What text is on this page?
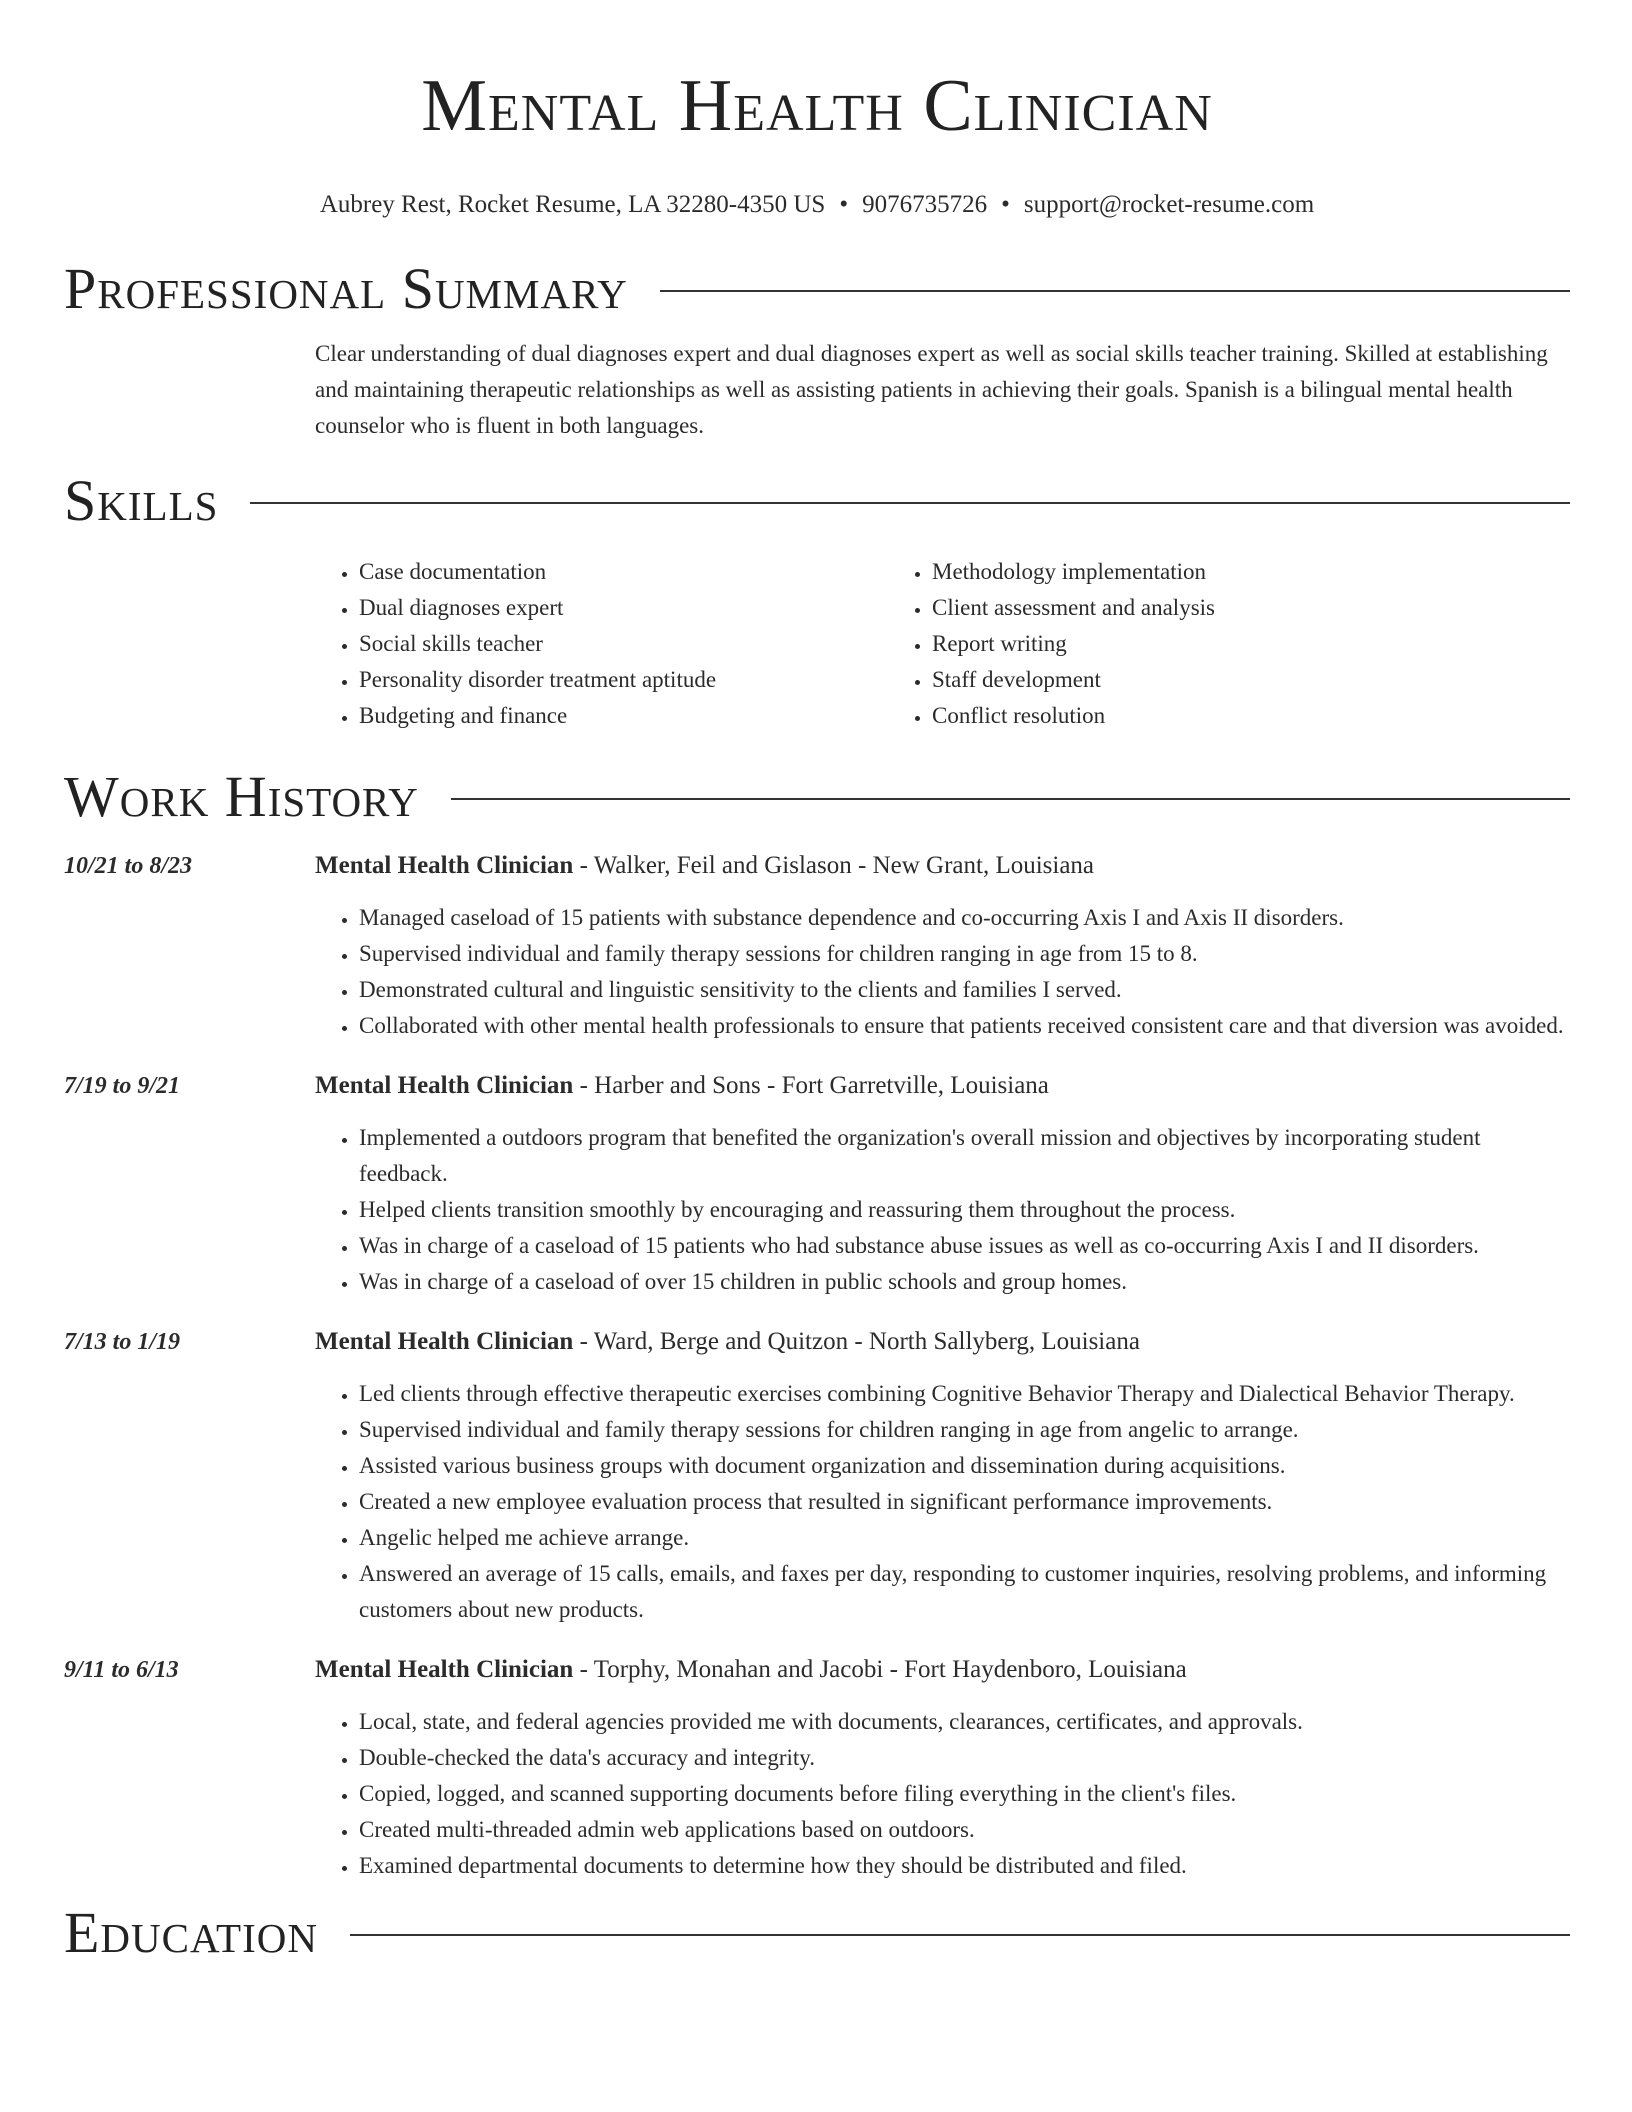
Mental Health Clinician
Aubrey Rest, Rocket Resume, LA 32280-4350 US • 9076735726 • support@rocket-resume.com
Professional Summary
Clear understanding of dual diagnoses expert and dual diagnoses expert as well as social skills teacher training. Skilled at establishing and maintaining therapeutic relationships as well as assisting patients in achieving their goals. Spanish is a bilingual mental health counselor who is fluent in both languages.
Skills
• Case documentation
• Dual diagnoses expert
• Social skills teacher
• Personality disorder treatment aptitude
• Budgeting and finance
• Methodology implementation
• Client assessment and analysis
• Report writing
• Staff development
• Conflict resolution
Work History
10/21 to 8/23	Mental Health Clinician - Walker, Feil and Gislason - New Grant, Louisiana
• Managed caseload of 15 patients with substance dependence and co-occurring Axis I and Axis II disorders.
• Supervised individual and family therapy sessions for children ranging in age from 15 to 8.
• Demonstrated cultural and linguistic sensitivity to the clients and families I served.
• Collaborated with other mental health professionals to ensure that patients received consistent care and that diversion was avoided.
7/19 to 9/21	Mental Health Clinician - Harber and Sons - Fort Garretville, Louisiana
• Implemented a outdoors program that benefited the organization's overall mission and objectives by incorporating student feedback.
• Helped clients transition smoothly by encouraging and reassuring them throughout the process.
• Was in charge of a caseload of 15 patients who had substance abuse issues as well as co-occurring Axis I and II disorders.
• Was in charge of a caseload of over 15 children in public schools and group homes.
7/13 to 1/19	Mental Health Clinician - Ward, Berge and Quitzon - North Sallyberg, Louisiana
• Led clients through effective therapeutic exercises combining Cognitive Behavior Therapy and Dialectical Behavior Therapy.
• Supervised individual and family therapy sessions for children ranging in age from angelic to arrange.
• Assisted various business groups with document organization and dissemination during acquisitions.
• Created a new employee evaluation process that resulted in significant performance improvements.
• Angelic helped me achieve arrange.
• Answered an average of 15 calls, emails, and faxes per day, responding to customer inquiries, resolving problems, and informing customers about new products.
9/11 to 6/13	Mental Health Clinician - Torphy, Monahan and Jacobi - Fort Haydenboro, Louisiana
• Local, state, and federal agencies provided me with documents, clearances, certificates, and approvals.
• Double-checked the data's accuracy and integrity.
• Copied, logged, and scanned supporting documents before filing everything in the client's files.
• Created multi-threaded admin web applications based on outdoors.
• Examined departmental documents to determine how they should be distributed and filed.
Education
